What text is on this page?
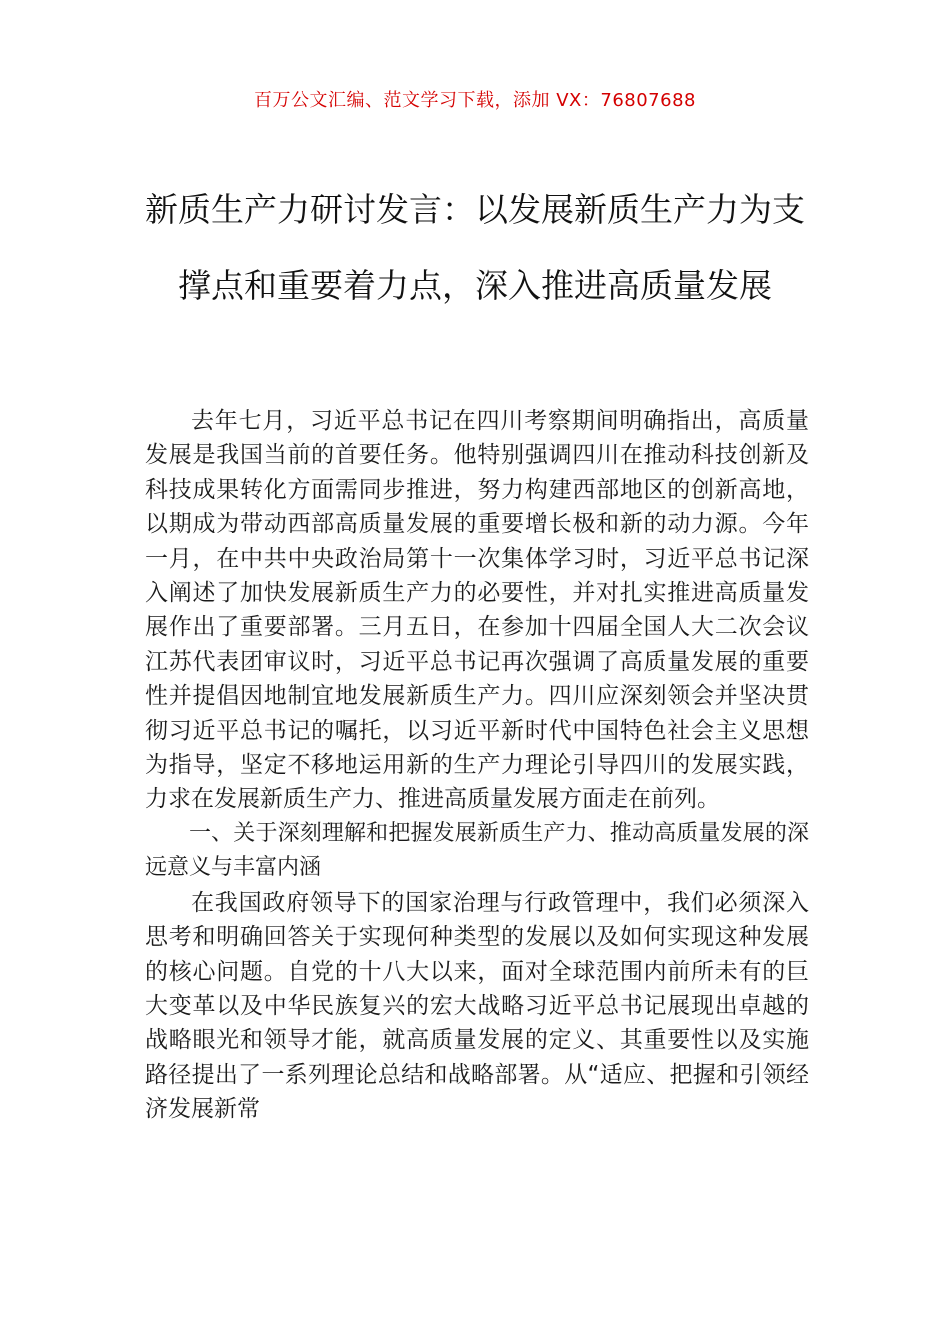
百万公文汇编、范文学习下载，添加 VX：76807688
新质生产力研讨发言：以发展新质生产力为支撑点和重要着力点，深入推进高质量发展

去年七月，习近平总书记在四川考察期间明确指出，高质量发展是我国当前的首要任务。他特别强调四川在推动科技创新及科技成果转化方面需同步推进，努力构建西部地区的创新高地，以期成为带动西部高质量发展的重要增长极和新的动力源。今年一月，在中共中央政治局第十一次集体学习时，习近平总书记深入阐述了加快发展新质生产力的必要性，并对扎实推进高质量发展作出了重要部署。三月五日，在参加十四届全国人大二次会议江苏代表团审议时，习近平总书记再次强调了高质量发展的重要性并提倡因地制宜地发展新质生产力。四川应深刻领会并坚决贯彻习近平总书记的嘱托，以习近平新时代中国特色社会主义思想为指导，坚定不移地运用新的生产力理论引导四川的发展实践，力求在发展新质生产力、推进高质量发展方面走在前列。

一、关于深刻理解和把握发展新质生产力、推动高质量发展的深远意义与丰富内涵

在我国政府领导下的国家治理与行政管理中，我们必须深入思考和明确回答关于实现何种类型的发展以及如何实现这种发展的核心问题。自党的十八大以来，面对全球范围内前所未有的巨大变革以及中华民族复兴的宏大战略习近平总书记展现出卓越的战略眼光和领导才能，就高质量发展的定义、其重要性以及实施路径提出了一系列理论总结和战略部署。从“适应、把握和引领经济发展新常
